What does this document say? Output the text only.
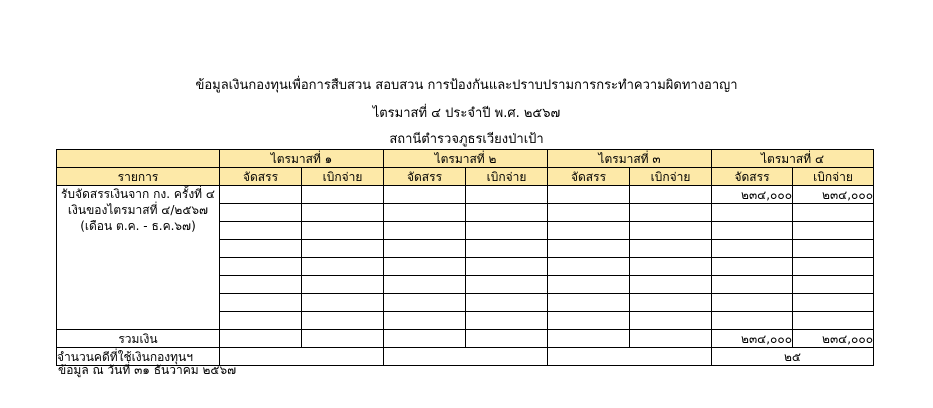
ข้อมูลเงินกองทุนเพื่อการสืบสวน สอบสวน การป้องกันและปราบปรามการกระทำความผิดทางอาญา
ไตรมาสที่ ๔ ประจำปี พ.ศ. ๒๕๖๗
สถานีตำรวจภูธรเวียงป่าเป้า
	ไตรมาสที่ ๑		ไตรมาสที่ ๒		ไตรมาสที่ ๓		ไตรมาสที่ ๔	
รายการ	จัดสรร	เบิกจ่าย	จัดสรร	เบิกจ่าย	จัดสรร	เบิกจ่าย	จัดสรร	เบิกจ่าย

รับจัดสรรเงินจาก กง. ครั้งที่ ๔
เงินของไตรมาสที่ ๔/๒๕๖๗
(เดือน ต.ค. - ธ.ค.๖๗)							๒๓๔,๐๐๐	๒๓๔,๐๐๐

รวมเงิน							๒๓๔,๐๐๐	๒๓๔,๐๐๐
จำนวนคดีที่ใช้เงินกองทุนฯ							๒๕	
ข้อมูล ณ วันที่ ๓๑ ธันวาคม ๒๕๖๗
